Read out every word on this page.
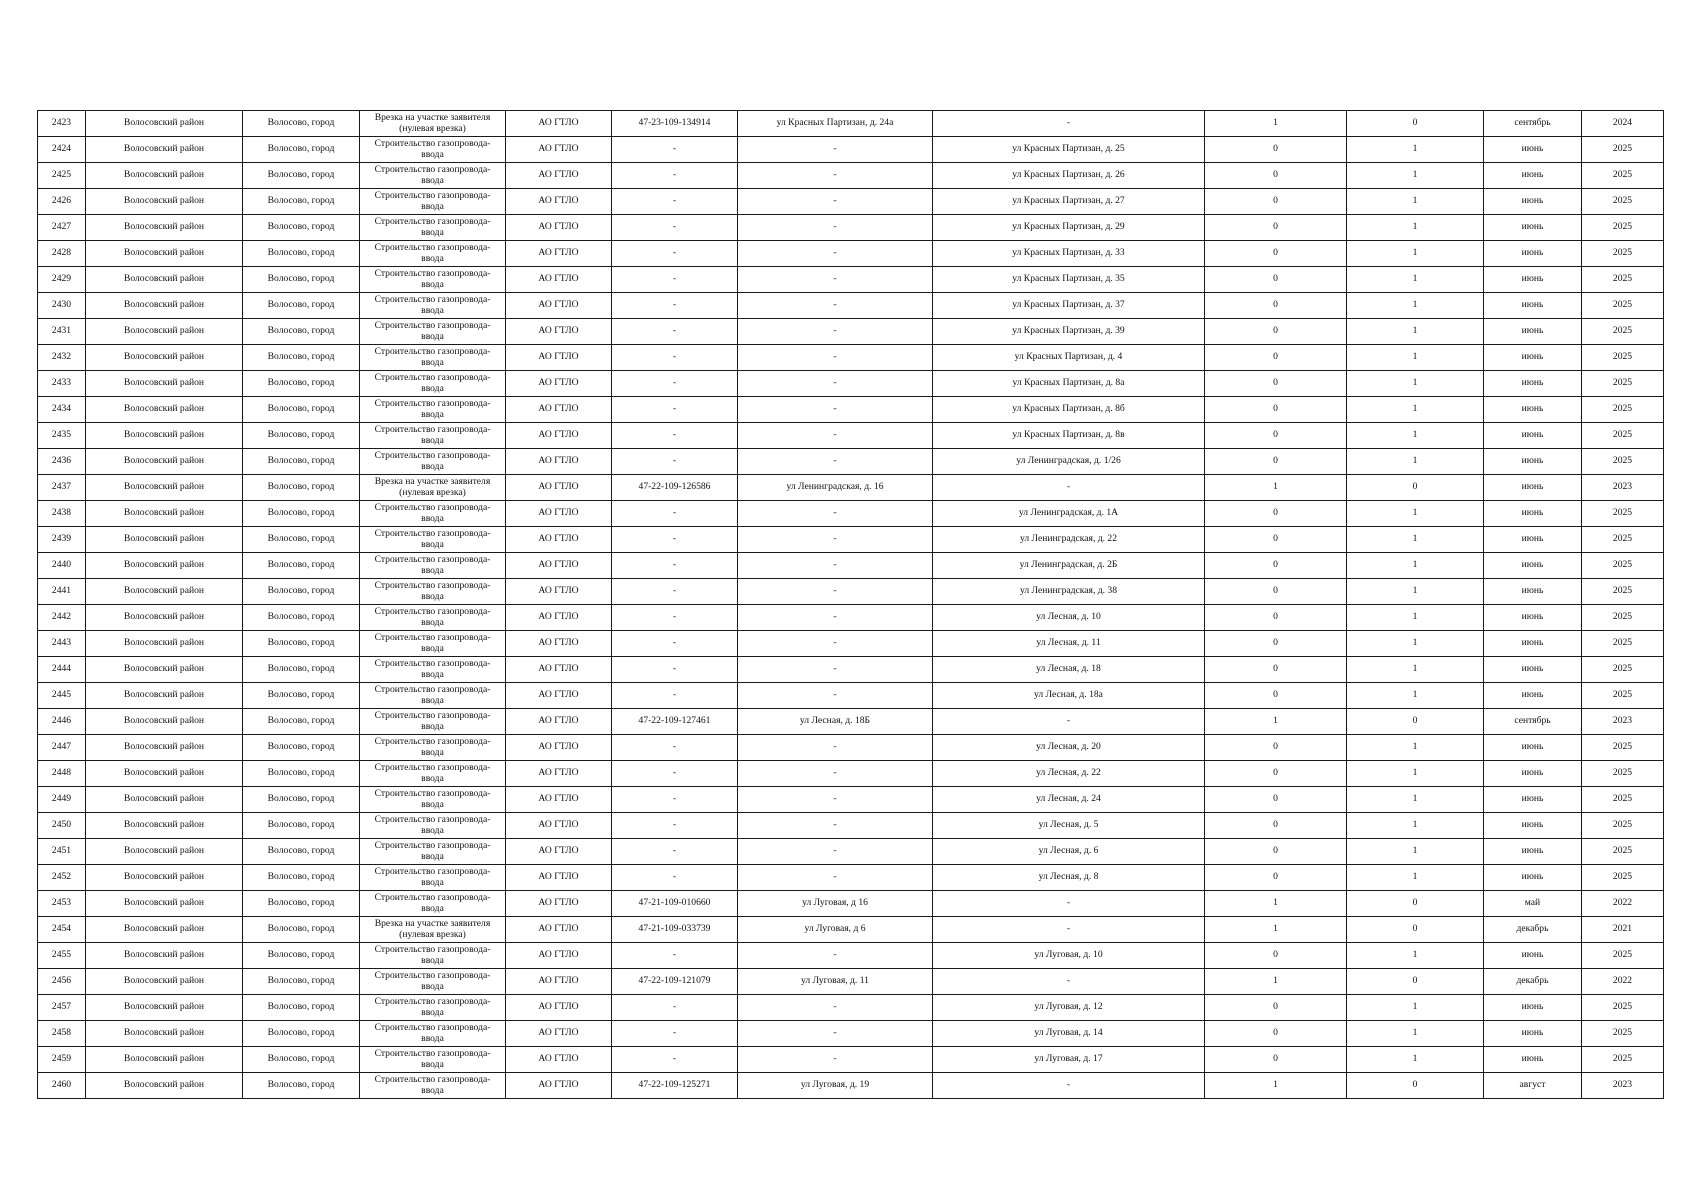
2423	Волосовский район	Волосово, город	Врезка на участке заявителя (нулевая врезка)	АО ГТЛО	47-23-109-134914	ул Красных Партизан, д. 24а	-	1	0	сентябрь	2024
2424	Волосовский район	Волосово, город	Строительство газопровода-ввода	АО ГТЛО	-	-	ул Красных Партизан, д. 25	0	1	июнь	2025
2425	Волосовский район	Волосово, город	Строительство газопровода-ввода	АО ГТЛО	-	-	ул Красных Партизан, д. 26	0	1	июнь	2025
2426	Волосовский район	Волосово, город	Строительство газопровода-ввода	АО ГТЛО	-	-	ул Красных Партизан, д. 27	0	1	июнь	2025
2427	Волосовский район	Волосово, город	Строительство газопровода-ввода	АО ГТЛО	-	-	ул Красных Партизан, д. 29	0	1	июнь	2025
2428	Волосовский район	Волосово, город	Строительство газопровода-ввода	АО ГТЛО	-	-	ул Красных Партизан, д. 33	0	1	июнь	2025
2429	Волосовский район	Волосово, город	Строительство газопровода-ввода	АО ГТЛО	-	-	ул Красных Партизан, д. 35	0	1	июнь	2025
2430	Волосовский район	Волосово, город	Строительство газопровода-ввода	АО ГТЛО	-	-	ул Красных Партизан, д. 37	0	1	июнь	2025
2431	Волосовский район	Волосово, город	Строительство газопровода-ввода	АО ГТЛО	-	-	ул Красных Партизан, д. 39	0	1	июнь	2025
2432	Волосовский район	Волосово, город	Строительство газопровода-ввода	АО ГТЛО	-	-	ул Красных Партизан, д. 4	0	1	июнь	2025
2433	Волосовский район	Волосово, город	Строительство газопровода-ввода	АО ГТЛО	-	-	ул Красных Партизан, д. 8а	0	1	июнь	2025
2434	Волосовский район	Волосово, город	Строительство газопровода-ввода	АО ГТЛО	-	-	ул Красных Партизан, д. 8б	0	1	июнь	2025
2435	Волосовский район	Волосово, город	Строительство газопровода-ввода	АО ГТЛО	-	-	ул Красных Партизан, д. 8в	0	1	июнь	2025
2436	Волосовский район	Волосово, город	Строительство газопровода-ввода	АО ГТЛО	-	-	ул Ленинградская, д. 1/26	0	1	июнь	2025
2437	Волосовский район	Волосово, город	Врезка на участке заявителя (нулевая врезка)	АО ГТЛО	47-22-109-126586	ул Ленинградская, д. 16	-	1	0	июнь	2023
2438	Волосовский район	Волосово, город	Строительство газопровода-ввода	АО ГТЛО	-	-	ул Ленинградская, д. 1А	0	1	июнь	2025
2439	Волосовский район	Волосово, город	Строительство газопровода-ввода	АО ГТЛО	-	-	ул Ленинградская, д. 22	0	1	июнь	2025
2440	Волосовский район	Волосово, город	Строительство газопровода-ввода	АО ГТЛО	-	-	ул Ленинградская, д. 2Б	0	1	июнь	2025
2441	Волосовский район	Волосово, город	Строительство газопровода-ввода	АО ГТЛО	-	-	ул Ленинградская, д. 38	0	1	июнь	2025
2442	Волосовский район	Волосово, город	Строительство газопровода-ввода	АО ГТЛО	-	-	ул Лесная, д. 10	0	1	июнь	2025
2443	Волосовский район	Волосово, город	Строительство газопровода-ввода	АО ГТЛО	-	-	ул Лесная, д. 11	0	1	июнь	2025
2444	Волосовский район	Волосово, город	Строительство газопровода-ввода	АО ГТЛО	-	-	ул Лесная, д. 18	0	1	июнь	2025
2445	Волосовский район	Волосово, город	Строительство газопровода-ввода	АО ГТЛО	-	-	ул Лесная, д. 18а	0	1	июнь	2025
2446	Волосовский район	Волосово, город	Строительство газопровода-ввода	АО ГТЛО	47-22-109-127461	ул Лесная, д. 18Б	-	1	0	сентябрь	2023
2447	Волосовский район	Волосово, город	Строительство газопровода-ввода	АО ГТЛО	-	-	ул Лесная, д. 20	0	1	июнь	2025
2448	Волосовский район	Волосово, город	Строительство газопровода-ввода	АО ГТЛО	-	-	ул Лесная, д. 22	0	1	июнь	2025
2449	Волосовский район	Волосово, город	Строительство газопровода-ввода	АО ГТЛО	-	-	ул Лесная, д. 24	0	1	июнь	2025
2450	Волосовский район	Волосово, город	Строительство газопровода-ввода	АО ГТЛО	-	-	ул Лесная, д. 5	0	1	июнь	2025
2451	Волосовский район	Волосово, город	Строительство газопровода-ввода	АО ГТЛО	-	-	ул Лесная, д. 6	0	1	июнь	2025
2452	Волосовский район	Волосово, город	Строительство газопровода-ввода	АО ГТЛО	-	-	ул Лесная, д. 8	0	1	июнь	2025
2453	Волосовский район	Волосово, город	Строительство газопровода-ввода	АО ГТЛО	47-21-109-010660	ул Луговая, д 16	-	1	0	май	2022
2454	Волосовский район	Волосово, город	Врезка на участке заявителя (нулевая врезка)	АО ГТЛО	47-21-109-033739	ул Луговая, д 6	-	1	0	декабрь	2021
2455	Волосовский район	Волосово, город	Строительство газопровода-ввода	АО ГТЛО	-	-	ул Луговая, д. 10	0	1	июнь	2025
2456	Волосовский район	Волосово, город	Строительство газопровода-ввода	АО ГТЛО	47-22-109-121079	ул Луговая, д. 11	-	1	0	декабрь	2022
2457	Волосовский район	Волосово, город	Строительство газопровода-ввода	АО ГТЛО	-	-	ул Луговая, д. 12	0	1	июнь	2025
2458	Волосовский район	Волосово, город	Строительство газопровода-ввода	АО ГТЛО	-	-	ул Луговая, д. 14	0	1	июнь	2025
2459	Волосовский район	Волосово, город	Строительство газопровода-ввода	АО ГТЛО	-	-	ул Луговая, д. 17	0	1	июнь	2025
2460	Волосовский район	Волосово, город	Строительство газопровода-ввода	АО ГТЛО	47-22-109-125271	ул Луговая, д. 19	-	1	0	август	2023
